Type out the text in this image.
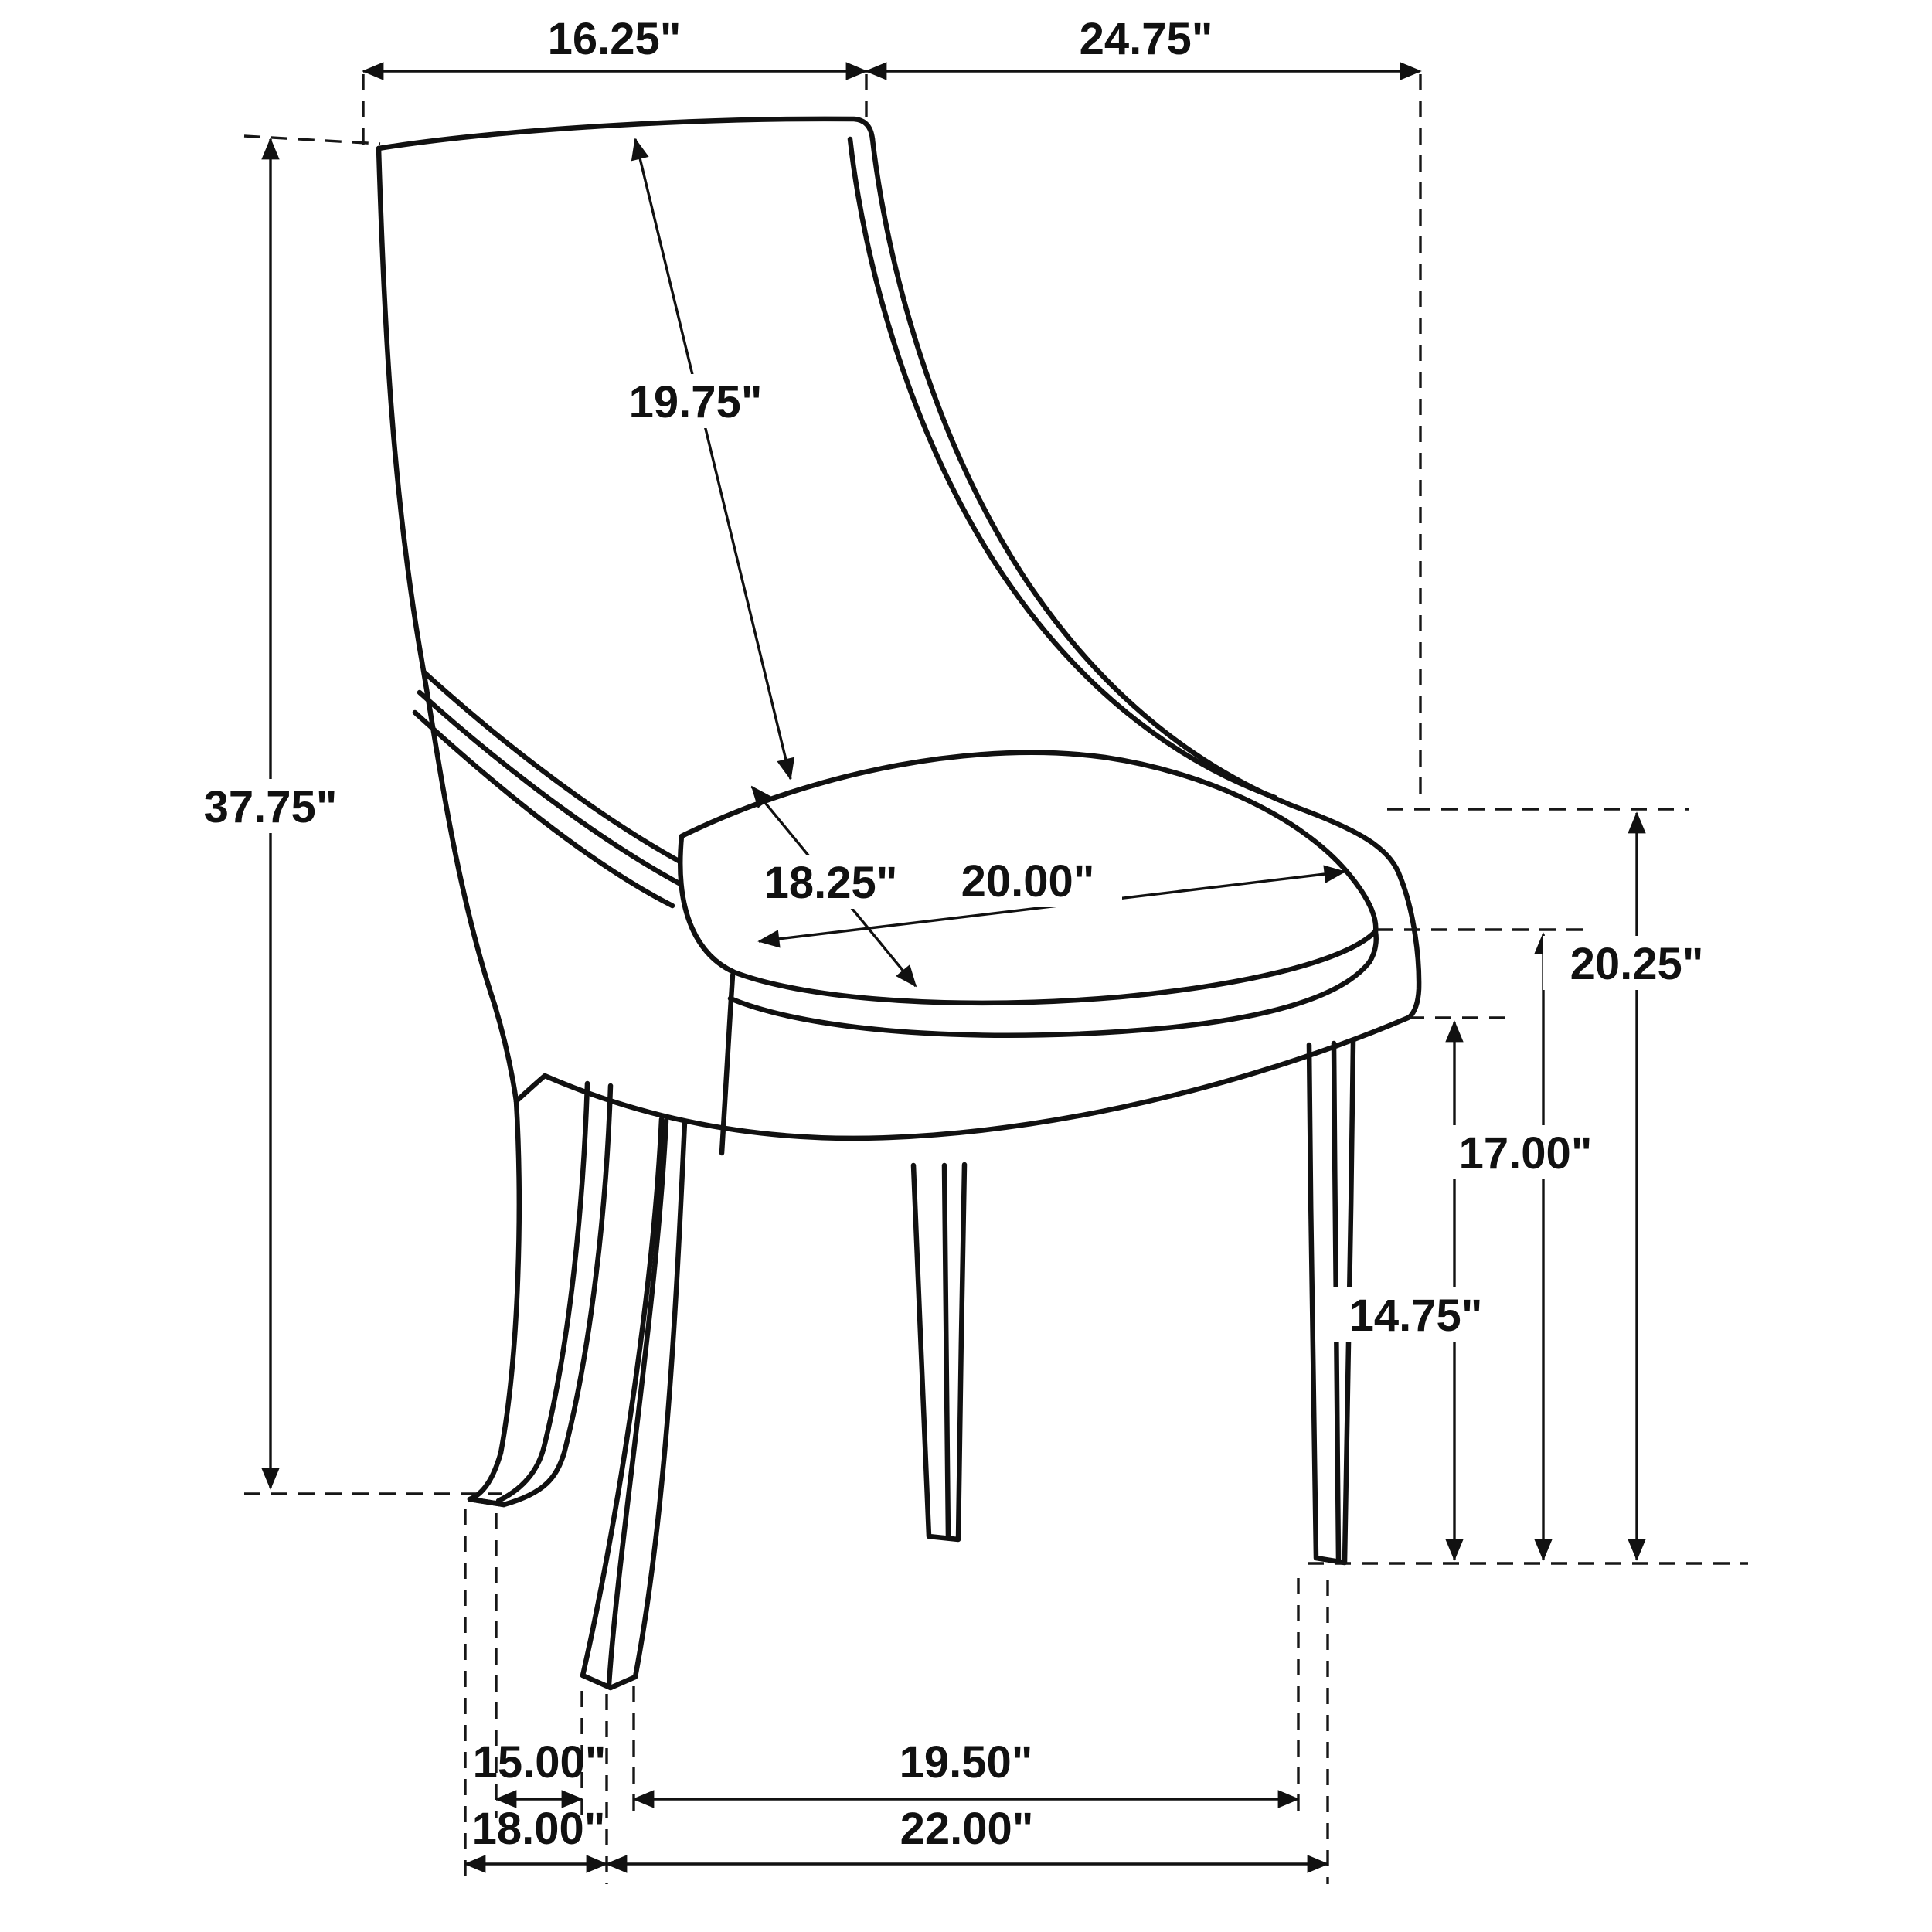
16.25"	24.75"
19.75"
37.75"
18.25" 20.00"
20.25"
17.00"
14.75"
15.00"	19.50"
18.00"	22.00"
